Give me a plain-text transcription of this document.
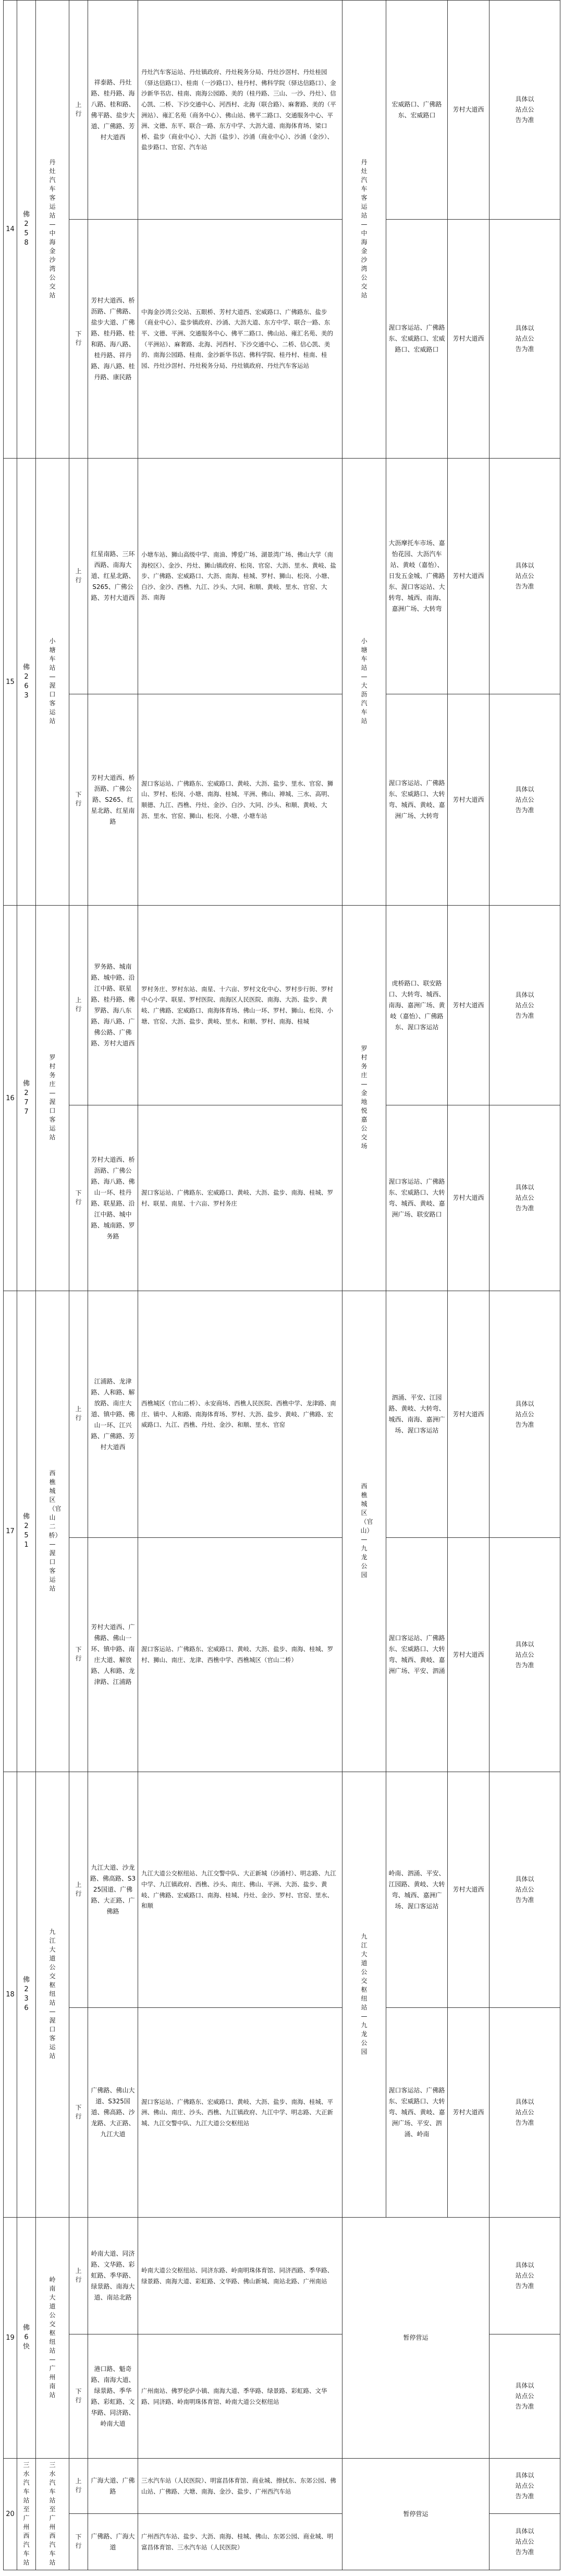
14	佛258	丹灶汽车客运站—中海金沙湾公交站	上行	祥泰路、丹灶路、桂丹路、海八路、桂和路、佛平路、盐步大道、广佛路、芳村大道西	丹灶汽车客运站、丹灶镇政府、丹灶税务分局、丹灶沙滘村、丹灶桂园（驿达信路口）、桂南（一沙路口）、桂丹村、佛科学院（驿达信路口）、金沙新华书店、桂南、南海公园路、美的（桂丹路、三山、一沙、丹灶）、信心凯、二桥、下沙交通中心、河西村、北海（联合路）、麻奢路、美的（平洲站）、雍汇名苑（商务中心）、佛山站、佛平二路口、交通服务中心、平洲、文德、东平、联合一路、东方中学、大沥大道、南海体育场、梁口桥、盐步（商业中心）、大沥（盐步）、沙涌（商业中心）、沙涌（金沙）、盐步路口、官窑、汽车站	丹灶汽车客运站—中海金沙湾公交站	宏威路口、广佛路东、宏威路口	芳村大道西	具体以站点公告为准
			下行	芳村大道西、桥沥路、广佛路、盐步大道、广佛路、桂丹路、桂和路、海八路、桂丹路、祥丹路、海八路、桂丹路、康民路	中海金沙湾公交站、五眼桥、芳村大道西、宏威路口、广佛路东、盐步（商业中心）、盐步镇政府、沙涌、大沥大道、东方中学、联合一路、东平、文德、平洲、交通服务中心、佛平二路口、佛山站、雍汇名苑、美的（平洲站）、麻奢路、北海、河西村、下沙交通中心、二桥、信心凯、美的、南海公园路、桂南、金沙新华书店、佛科学院、桂丹村、桂南、桂园、丹灶沙滘村、丹灶税务分局、丹灶镇政府、丹灶汽车客运站		渥口客运站、广佛路东、宏威路口、宏威路口、宏威路口	芳村大道西	具体以站点公告为准
15	佛263	小塘车站—渥口客运站	上行	红星南路、三环西路、南海大道、红星北路、S265、广佛公路、芳村大道西	小塘车站、狮山高级中学、南油、博爱广场、湖景湾广场、佛山大学（南海校区）、金沙、丹灶、狮山镇政府、松岗、官窑、大沥、里水、黄岐、盐步、广佛路、宏威路口、大沥、南海、桂城、罗村、狮山、松岗、小塘、白沙、金沙、西樵、九江、沙头、大同、和顺、黄岐、里水、官窑、大沥、南海	小塘车站—大沥汽车站	大沥摩托车市场、嘉怡花园、大沥汽车站、黄岐（嘉怡）、日发五金城、广佛路东、渥口客运站、大转弯、城西、南海、嘉洲广场、大转弯	芳村大道西	具体以站点公告为准
			下行	芳村大道西、桥沥路、广佛公路、S265、红星北路、红星南路	渥口客运站、广佛路东、宏威路口、黄岐、大沥、盐步、里水、官窑、狮山、罗村、松岗、小塘、南海、桂城、平洲、佛山、禅城、三水、高明、顺德、九江、西樵、丹灶、金沙、白沙、大同、沙头、和顺、黄岐、大沥、里水、官窑、狮山、松岗、小塘、小塘车站		渥口客运站、广佛路东、宏威路口、大转弯、城西、黄岐、嘉洲广场、大转弯	芳村大道西	具体以站点公告为准
16	佛277	罗村务庄—渥口客运站	上行	罗务路、城南路、城中路、沿江中路、联星路、桂丹路、佛罗路、海八东路、海八路、广佛公路、广佛路、芳村大道西	罗村务庄、罗村东站、南星、十六亩、罗村文化中心、罗村步行街、罗村中心小学、联星、罗村医院、南海区人民医院、南海、大沥、盐步、黄岐、广佛路、宏威路口、南海体育场、佛山一环、罗村、狮山、松岗、小塘、官窑、大沥、盐步、黄岐、里水、和顺、罗村、南海、桂城	罗村务庄—金地悦嘉公交场	虎桥路口、联安路口、大转弯、城西、南海、嘉洲广场、黄岐（嘉怡）、广佛路东、渥口客运站	芳村大道西	具体以站点公告为准
			下行	芳村大道西、桥沥路、广佛公路、海八路、佛山一环、桂丹路、联星路、沿江中路、城中路、城南路、罗务路	渥口客运站、广佛路东、宏威路口、黄岐、大沥、盐步、南海、桂城、罗村、联星、南星、十六亩、罗村务庄		渥口客运站、广佛路东、宏威路口、大转弯、城西、黄岐、嘉洲广场、联安路口	芳村大道西	具体以站点公告为准
17	佛251	西樵城区（官山二桥）—渥口客运站	上行	江浦路、龙津路、人和路、解放路、南庄大道、镇中路、佛山一环、江兴路、广佛路、芳村大道西	西樵城区（官山二桥）、永安商场、西樵人民医院、西樵中学、龙津路、南庄、镇中、人和路、南海体育场、罗村、大沥、盐步、黄岐、广佛路、宏威路口、九江、西樵、丹灶、金沙、和顺、里水、官窑	西樵城区（官山）—九龙公园	泗涌、平安、江园路、黄岐、大转弯、城西、南海、嘉洲广场、渥口客运站	芳村大道西	具体以站点公告为准
			下行	芳村大道西、广佛路、佛山一环、镇中路、南庄大道、解放路、人和路、龙津路、江浦路	渥口客运站、广佛路东、宏威路口、黄岐、大沥、盐步、南海、桂城、罗村、狮山、南庄、龙津、西樵中学、西樵城区（官山二桥）		渥口客运站、广佛路东、宏威路口、大转弯、城西、黄岐、嘉洲广场、平安、泗涌	芳村大道西	具体以站点公告为准
18	佛236	九江大道公交枢纽站—渥口客运站	上行	九江大道、沙龙路、佛高路、S325国道、广佛路、大正路、广佛路	九江大道公交枢纽站、九江交警中队、大正新城（沙涌村）、明志路、九江中学、九江镇政府、西樵、沙头、南庄、佛山、平洲、大沥、盐步、黄岐、广佛路、宏威路口、南海、桂城、丹灶、金沙、罗村、官窑、里水、和顺	九江大道公交枢纽站—九龙公园	岭南、泗涌、平安、江园路、黄岐、大转弯、城西、嘉洲广场、渥口客运站	芳村大道西	具体以站点公告为准
			下行	广佛路、佛山大道、S325国道、佛高路、沙龙路、大正路、九江大道	渥口客运站、广佛路东、宏威路口、黄岐、大沥、盐步、南海、桂城、平洲、佛山、南庄、沙头、西樵、九江镇政府、九江中学、明志路、大正新城、九江交警中队、九江大道公交枢纽站		渥口客运站、广佛路东、宏威路口、大转弯、城西、黄岐、嘉洲广场、平安、泗涌、岭南	芳村大道西	具体以站点公告为准
19	佛6快	岭南大道公交枢纽站—广州南站	上行	岭南大道、同济路、文华路、彩虹路、季华路、绿景路、南海大道、南站北路	岭南大道公交枢纽站、同济东路、岭南明珠体育馆、同济西路、季华路、绿景路、南海大道、彩虹路、文华路、佛山新城、南站北路、广州南站	暂停营运			具体以站点公告为准
			下行	港口路、魁奇路、南海大道、绿景路、季华路、彩虹路、文华路、同济路、岭南大道	广州南站、佛罗伦萨小镇、南海大道、季华路、绿景路、彩虹路、文华路、同济路、岭南明珠体育馆、岭南大道公交枢纽站				具体以站点公告为准
20	三水汽车站至广州西汽车站	三水汽车站至广州西汽车站	上行	广海大道、广佛路	三水汽车站（人民医院）、明富昌体育馆、商业城、擦拭东、东郊公园、佛山站、广佛路、大塘、南海、金沙、盐步、广州西汽车站	暂停营运			具体以站点公告为准
			下行	广佛路、广海大道	广州西汽车站、盐步、大沥、南海、桂城、佛山、东郊公园、商业城、明富昌体育馆、三水汽车站（人民医院）				具体以站点公告为准
